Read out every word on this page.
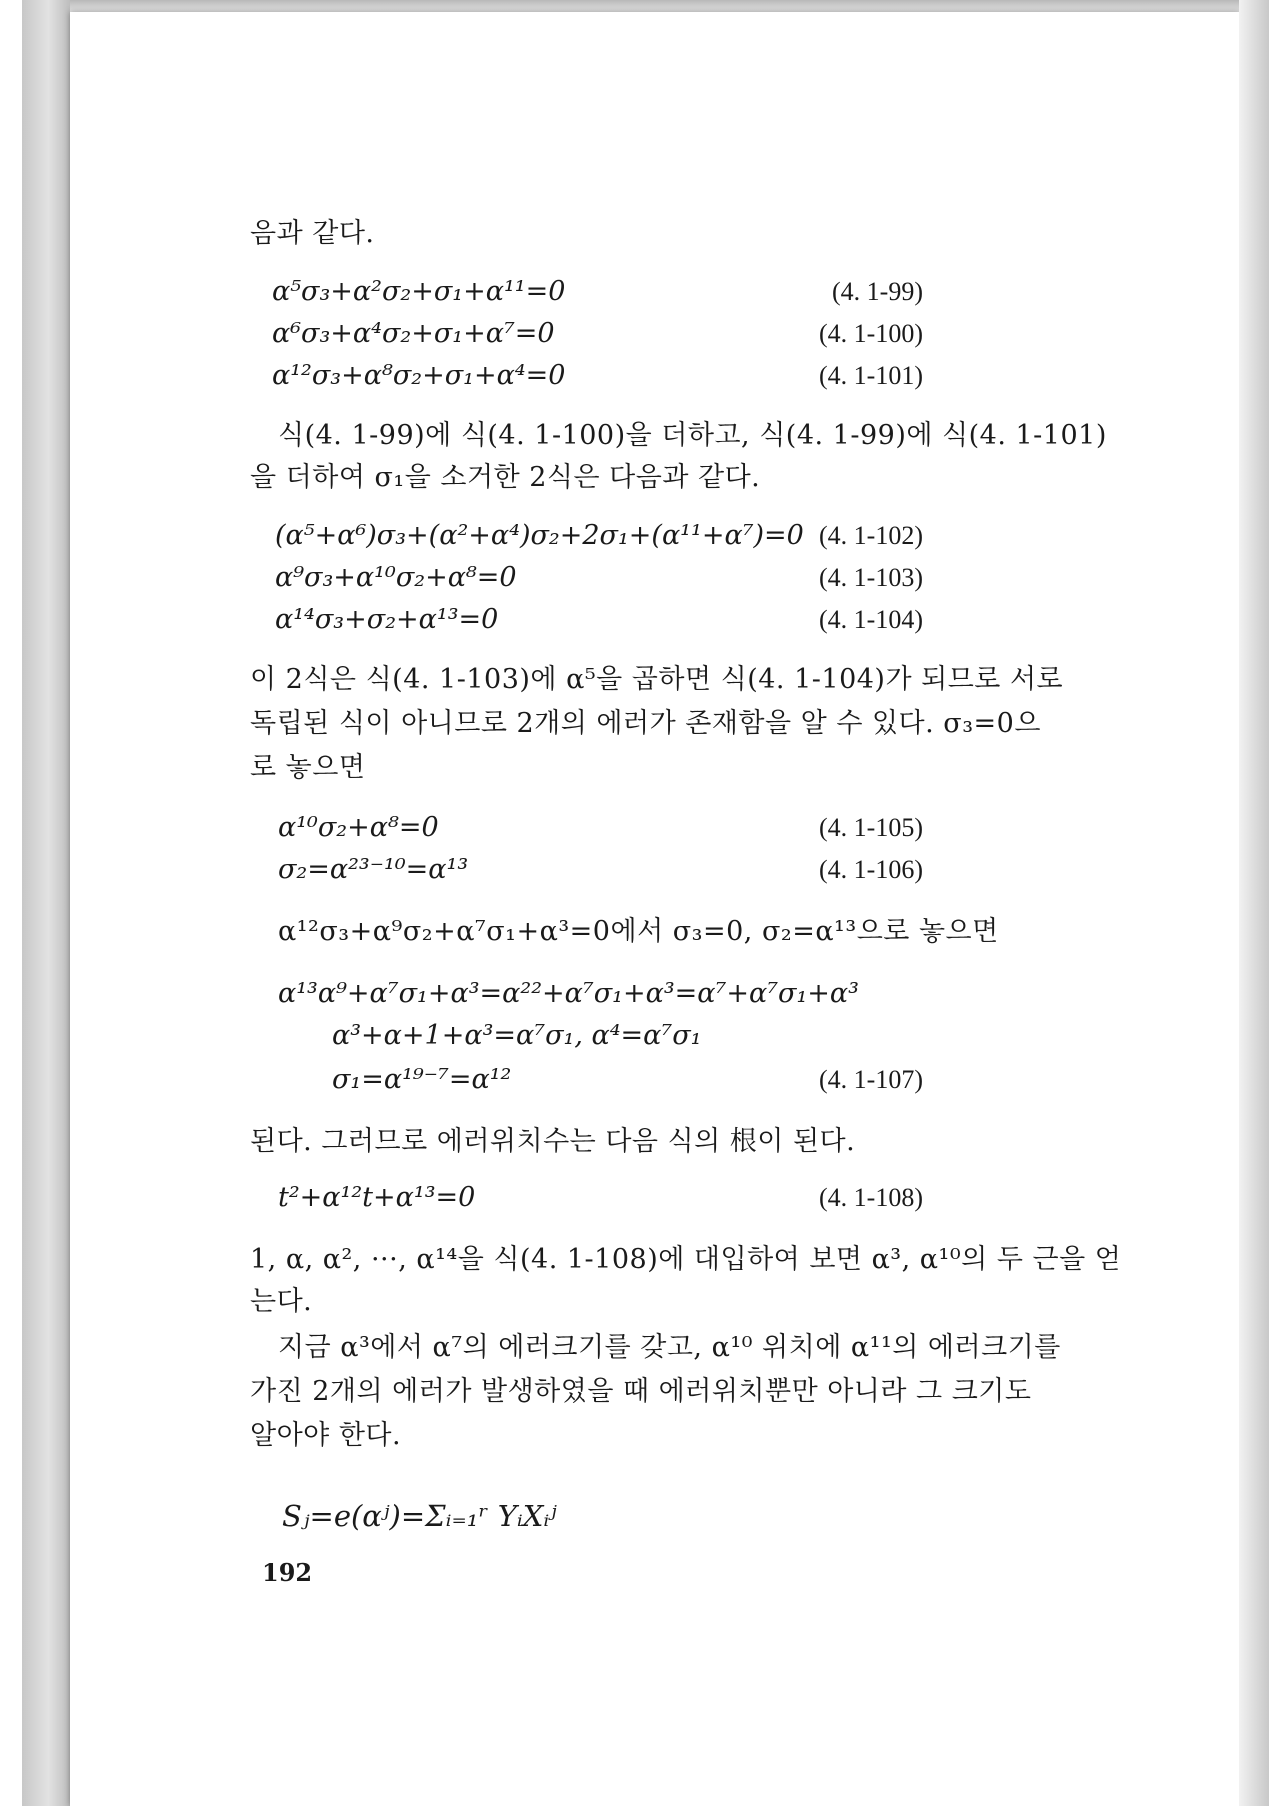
음과 같다.
α⁵σ₃+α²σ₂+σ₁+α¹¹=0	(4. 1-99)
α⁶σ₃+α⁴σ₂+σ₁+α⁷=0	(4. 1-100)
α¹²σ₃+α⁸σ₂+σ₁+α⁴=0	(4. 1-101)
식(4. 1-99)에 식(4. 1-100)을 더하고, 식(4. 1-99)에 식(4. 1-101)
을 더하여 σ₁을 소거한 2식은 다음과 같다.
(α⁵+α⁶)σ₃+(α²+α⁴)σ₂+2σ₁+(α¹¹+α⁷)=0 (4. 1-102)
α⁹σ₃+α¹⁰σ₂+α⁸=0	(4. 1-103)
α¹⁴σ₃+σ₂+α¹³=0	(4. 1-104)
이 2식은 식(4. 1-103)에 α⁵을 곱하면 식(4. 1-104)가 되므로 서로
독립된 식이 아니므로 2개의 에러가 존재함을 알 수 있다. σ₃=0으
로 놓으면
α¹⁰σ₂+α⁸=0	(4. 1-105)
σ₂=α²³⁻¹⁰=α¹³	(4. 1-106)
α¹²σ₃+α⁹σ₂+α⁷σ₁+α³=0에서 σ₃=0, σ₂=α¹³으로 놓으면
α¹³α⁹+α⁷σ₁+α³=α²²+α⁷σ₁+α³=α⁷+α⁷σ₁+α³
α³+α+1+α³=α⁷σ₁, α⁴=α⁷σ₁
σ₁=α¹⁹⁻⁷=α¹²	(4. 1-107)
된다. 그러므로 에러위치수는 다음 식의 根이 된다.
t²+α¹²t+α¹³=0	(4. 1-108)
1, α, α², ···, α¹⁴을 식(4. 1-108)에 대입하여 보면 α³, α¹⁰의 두 근을 얻
는다.
지금 α³에서 α⁷의 에러크기를 갖고, α¹⁰ 위치에 α¹¹의 에러크기를
가진 2개의 에러가 발생하였을 때 에러위치뿐만 아니라 그 크기도
알아야 한다.
Sⱼ=e(αʲ)=Σᵢ₌₁ʳ YᵢXᵢʲ
192
